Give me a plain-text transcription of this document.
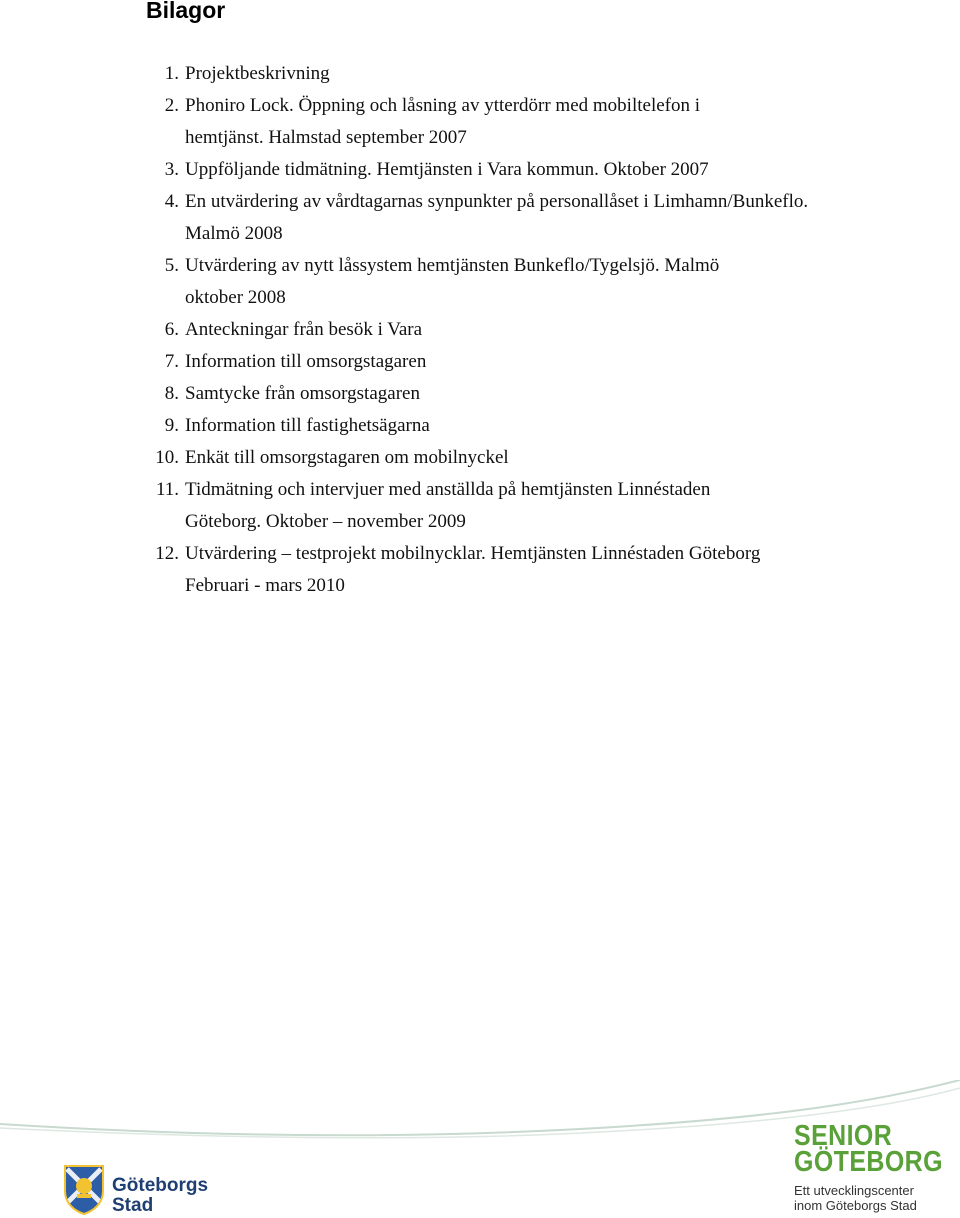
Bilagor
1. Projektbeskrivning
2. Phoniro Lock. Öppning och låsning av ytterdörr med mobiltelefon i
hemtjänst. Halmstad september 2007
3. Uppföljande tidmätning. Hemtjänsten i Vara kommun. Oktober 2007
4. En utvärdering av vårdtagarnas synpunkter på personallåset i Limhamn/Bunkeflo.
Malmö 2008
5. Utvärdering av nytt låssystem hemtjänsten Bunkeflo/Tygelsjö. Malmö
oktober 2008
6. Anteckningar från besök i Vara
7. Information till omsorgstagaren
8. Samtycke från omsorgstagaren
9. Information till fastighetsägarna
10. Enkät till omsorgstagaren om mobilnyckel
11. Tidmätning och intervjuer med anställda på hemtjänsten Linnéstaden
Göteborg. Oktober – november 2009
12. Utvärdering – testprojekt mobilnycklar. Hemtjänsten Linnéstaden Göteborg
Februari - mars 2010
Göteborgs
Stad
SENIOR
GÖTEBORG
Ett utvecklingscenter
inom Göteborgs Stad
